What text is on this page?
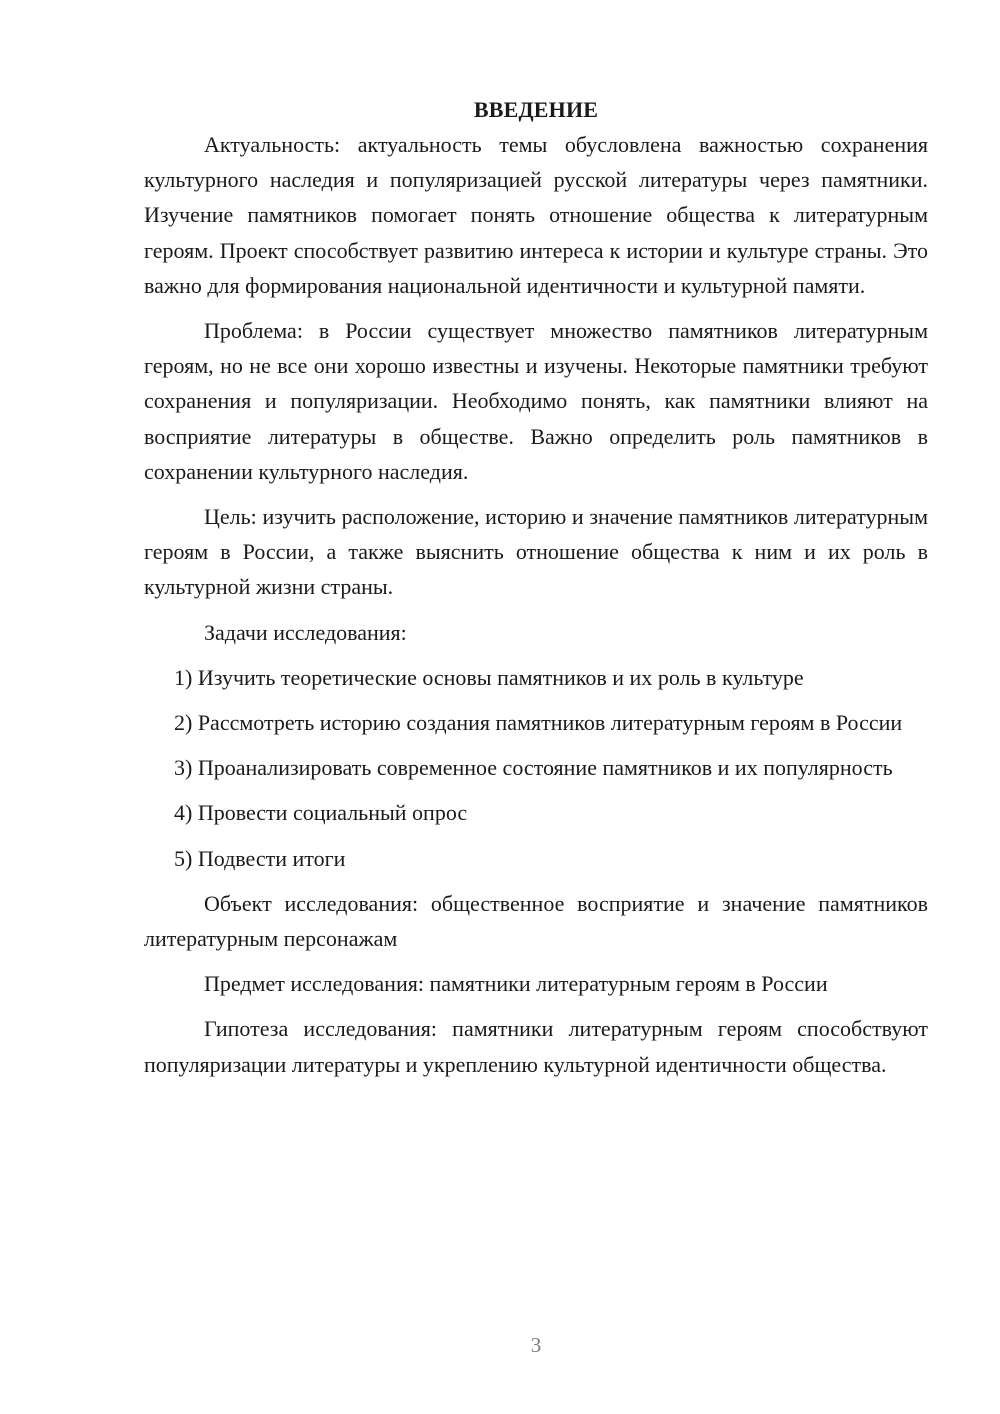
ВВЕДЕНИЕ

Актуальность: актуальность темы обусловлена важностью сохранения культурного наследия и популяризацией русской литературы через памятники. Изучение памятников помогает понять отношение общества к литературным героям. Проект способствует развитию интереса к истории и культуре страны. Это важно для формирования национальной идентичности и культурной памяти.

Проблема: в России существует множество памятников литературным героям, но не все они хорошо известны и изучены. Некоторые памятники требуют сохранения и популяризации. Необходимо понять, как памятники влияют на восприятие литературы в обществе. Важно определить роль памятников в сохранении культурного наследия.

Цель: изучить расположение, историю и значение памятников литературным героям в России, а также выяснить отношение общества к ним и их роль в культурной жизни страны.

Задачи исследования:

1) Изучить теоретические основы памятников и их роль в культуре

2) Рассмотреть историю создания памятников литературным героям в России

3) Проанализировать современное состояние памятников и их популярность

4) Провести социальный опрос

5) Подвести итоги

Объект исследования: общественное восприятие и значение памятников литературным персонажам

Предмет исследования: памятники литературным героям в России

Гипотеза исследования: памятники литературным героям способствуют популяризации литературы и укреплению культурной идентичности общества.

3
